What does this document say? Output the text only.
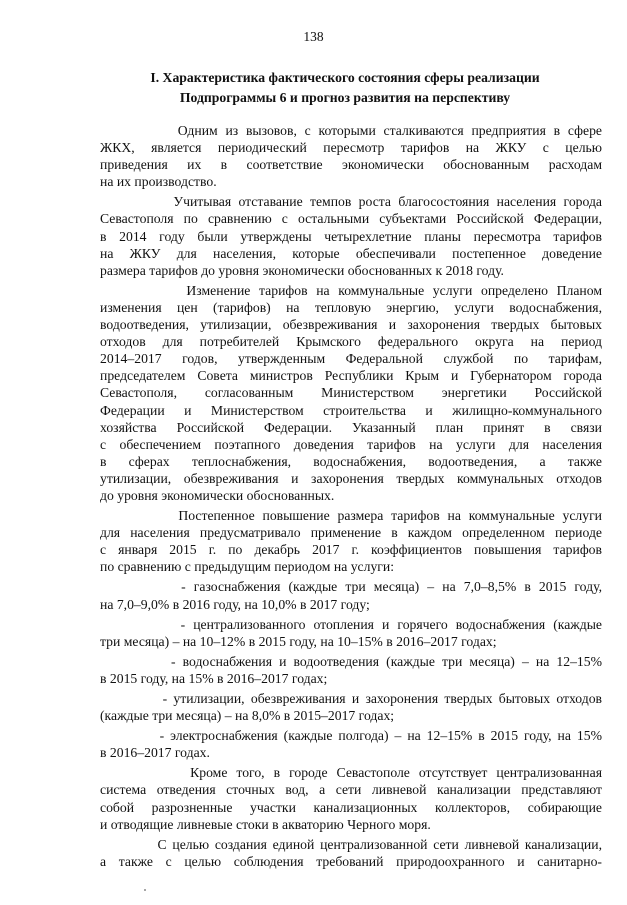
138
I. Характеристика фактического состояния сферы реализации
Подпрограммы 6 и прогноз развития на перспективу

Одним из вызовов, с которыми сталкиваются предприятия в сфере
ЖКХ, является периодический пересмотр тарифов на ЖКУ с целью
приведения их в соответствие экономически обоснованным расходам
на их производство.

Учитывая отставание темпов роста благосостояния населения города
Севастополя по сравнению с остальными субъектами Российской Федерации,
в 2014 году были утверждены четырехлетние планы пересмотра тарифов
на ЖКУ для населения, которые обеспечивали постепенное доведение
размера тарифов до уровня экономически обоснованных к 2018 году.

Изменение тарифов на коммунальные услуги определено Планом
изменения цен (тарифов) на тепловую энергию, услуги водоснабжения,
водоотведения, утилизации, обезвреживания и захоронения твердых бытовых
отходов для потребителей Крымского федерального округа на период
2014–2017 годов, утвержденным Федеральной службой по тарифам,
председателем Совета министров Республики Крым и Губернатором города
Севастополя, согласованным Министерством энергетики Российской
Федерации и Министерством строительства и жилищно-коммунального
хозяйства Российской Федерации. Указанный план принят в связи
с обеспечением поэтапного доведения тарифов на услуги для населения
в сферах теплоснабжения, водоснабжения, водоотведения, а также
утилизации, обезвреживания и захоронения твердых коммунальных отходов
до уровня экономически обоснованных.

Постепенное повышение размера тарифов на коммунальные услуги
для населения предусматривало применение в каждом определенном периоде
с января 2015 г. по декабрь 2017 г. коэффициентов повышения тарифов
по сравнению с предыдущим периодом на услуги:

- газоснабжения (каждые три месяца) – на 7,0–8,5% в 2015 году,
на 7,0–9,0% в 2016 году, на 10,0% в 2017 году;

- централизованного отопления и горячего водоснабжения (каждые
три месяца) – на 10–12% в 2015 году, на 10–15% в 2016–2017 годах;

- водоснабжения и водоотведения (каждые три месяца) – на 12–15%
в 2015 году, на 15% в 2016–2017 годах;

- утилизации, обезвреживания и захоронения твердых бытовых отходов
(каждые три месяца) – на 8,0% в 2015–2017 годах;

- электроснабжения (каждые полгода) – на 12–15% в 2015 году, на 15%
в 2016–2017 годах.

Кроме того, в городе Севастополе отсутствует централизованная
система отведения сточных вод, а сети ливневой канализации представляют
собой разрозненные участки канализационных коллекторов, собирающие
и отводящие ливневые стоки в акваторию Черного моря.

С целью создания единой централизованной сети ливневой канализации,
а также с целью соблюдения требований природоохранного и санитарно-
